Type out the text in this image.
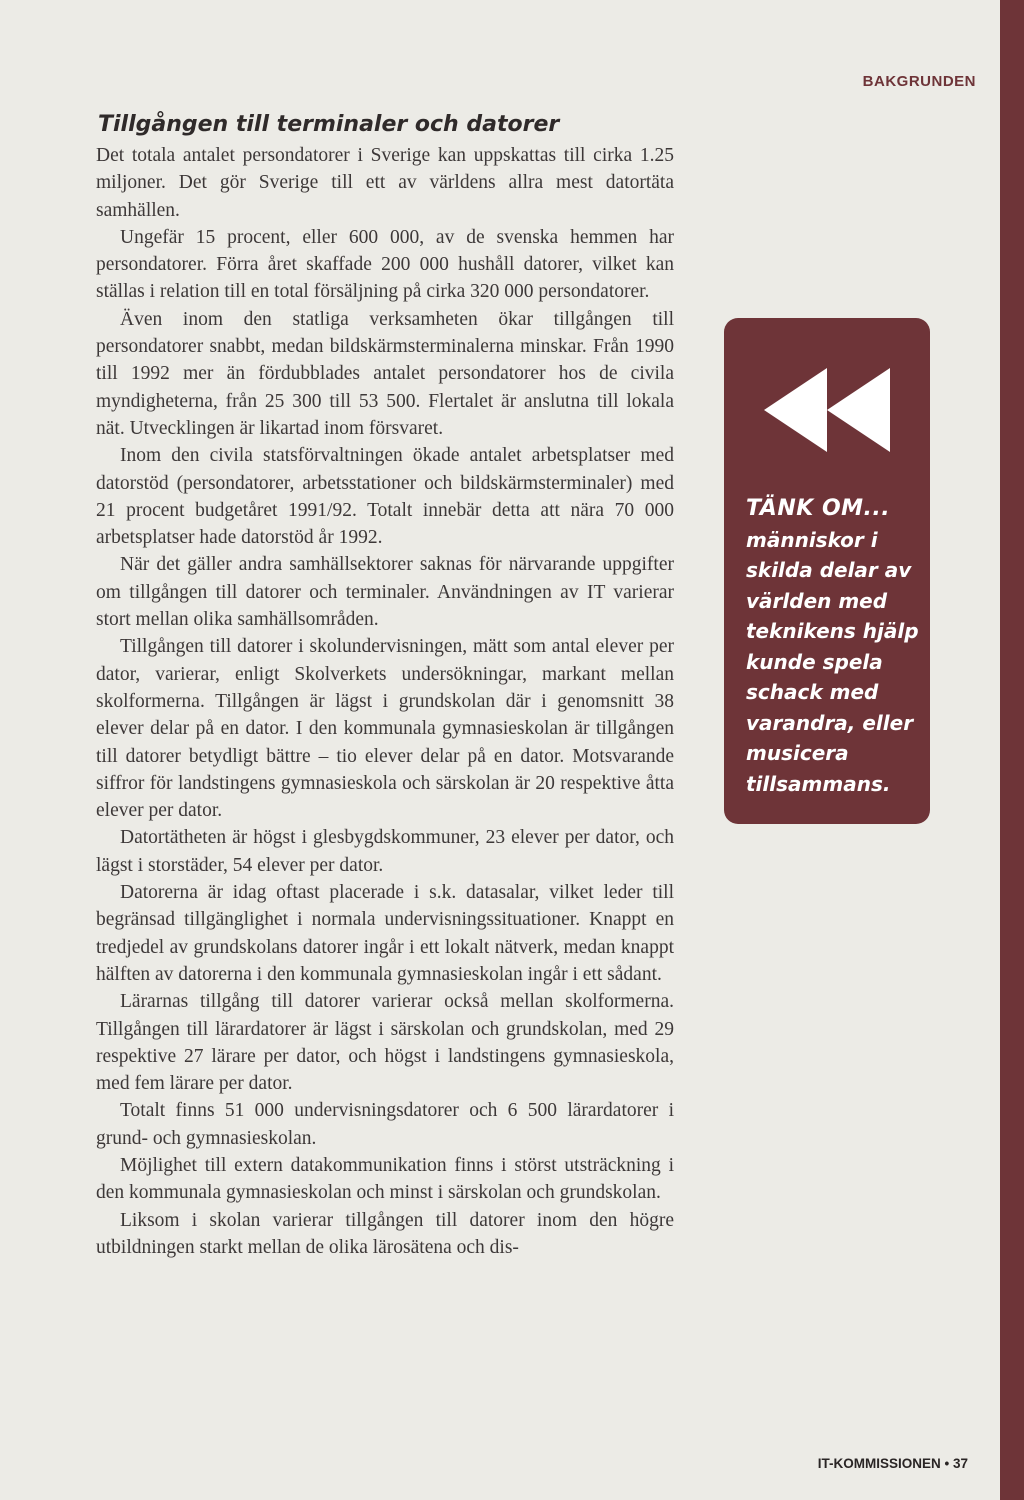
BAKGRUNDEN
Tillgången till terminaler och datorer

Det totala antalet persondatorer i Sverige kan uppskattas till cirka 1.25 miljoner. Det gör Sverige till ett av världens allra mest datortäta samhällen.

Ungefär 15 procent, eller 600 000, av de svenska hemmen har persondatorer. Förra året skaffade 200 000 hushåll datorer, vilket kan ställas i relation till en total försäljning på cirka 320 000 persondatorer.

Även inom den statliga verksamheten ökar tillgången till persondatorer snabbt, medan bildskärmsterminalerna minskar. Från 1990 till 1992 mer än fördubblades antalet persondatorer hos de civila myndigheterna, från 25 300 till 53 500. Flertalet är anslutna till lokala nät. Utvecklingen är likartad inom försvaret.

Inom den civila statsförvaltningen ökade antalet arbetsplatser med datorstöd (persondatorer, arbetsstationer och bildskärmsterminaler) med 21 procent budgetåret 1991/92. Totalt innebär detta att nära 70 000 arbetsplatser hade datorstöd år 1992.

När det gäller andra samhällsektorer saknas för närvarande uppgifter om tillgången till datorer och terminaler. Användningen av IT varierar stort mellan olika samhällsområden.

Tillgången till datorer i skolundervisningen, mätt som antal elever per dator, varierar, enligt Skolverkets undersökningar, markant mellan skolformerna. Tillgången är lägst i grundskolan där i genomsnitt 38 elever delar på en dator. I den kommunala gymnasieskolan är tillgången till datorer betydligt bättre – tio elever delar på en dator. Motsvarande siffror för landstingens gymnasieskola och särskolan är 20 respektive åtta elever per dator.

Datortätheten är högst i glesbygdskommuner, 23 elever per dator, och lägst i storstäder, 54 elever per dator.

Datorerna är idag oftast placerade i s.k. datasalar, vilket leder till begränsad tillgänglighet i normala undervisningssituationer. Knappt en tredjedel av grundskolans datorer ingår i ett lokalt nätverk, medan knappt hälften av datorerna i den kommunala gymnasieskolan ingår i ett sådant.

Lärarnas tillgång till datorer varierar också mellan skolformerna. Tillgången till lärardatorer är lägst i särskolan och grundskolan, med 29 respektive 27 lärare per dator, och högst i landstingens gymnasieskola, med fem lärare per dator.

Totalt finns 51 000 undervisningsdatorer och 6 500 lärardatorer i grund- och gymnasieskolan.

Möjlighet till extern datakommunikation finns i störst utsträckning i den kommunala gymnasieskolan och minst i särskolan och grundskolan.

Liksom i skolan varierar tillgången till datorer inom den högre utbildningen starkt mellan de olika lärosätena och dis-

TÄNK OM...
människor i skilda delar av världen med teknikens hjälp kunde spela schack med varandra, eller musicera tillsammans.
IT-KOMMISSIONEN • 37
